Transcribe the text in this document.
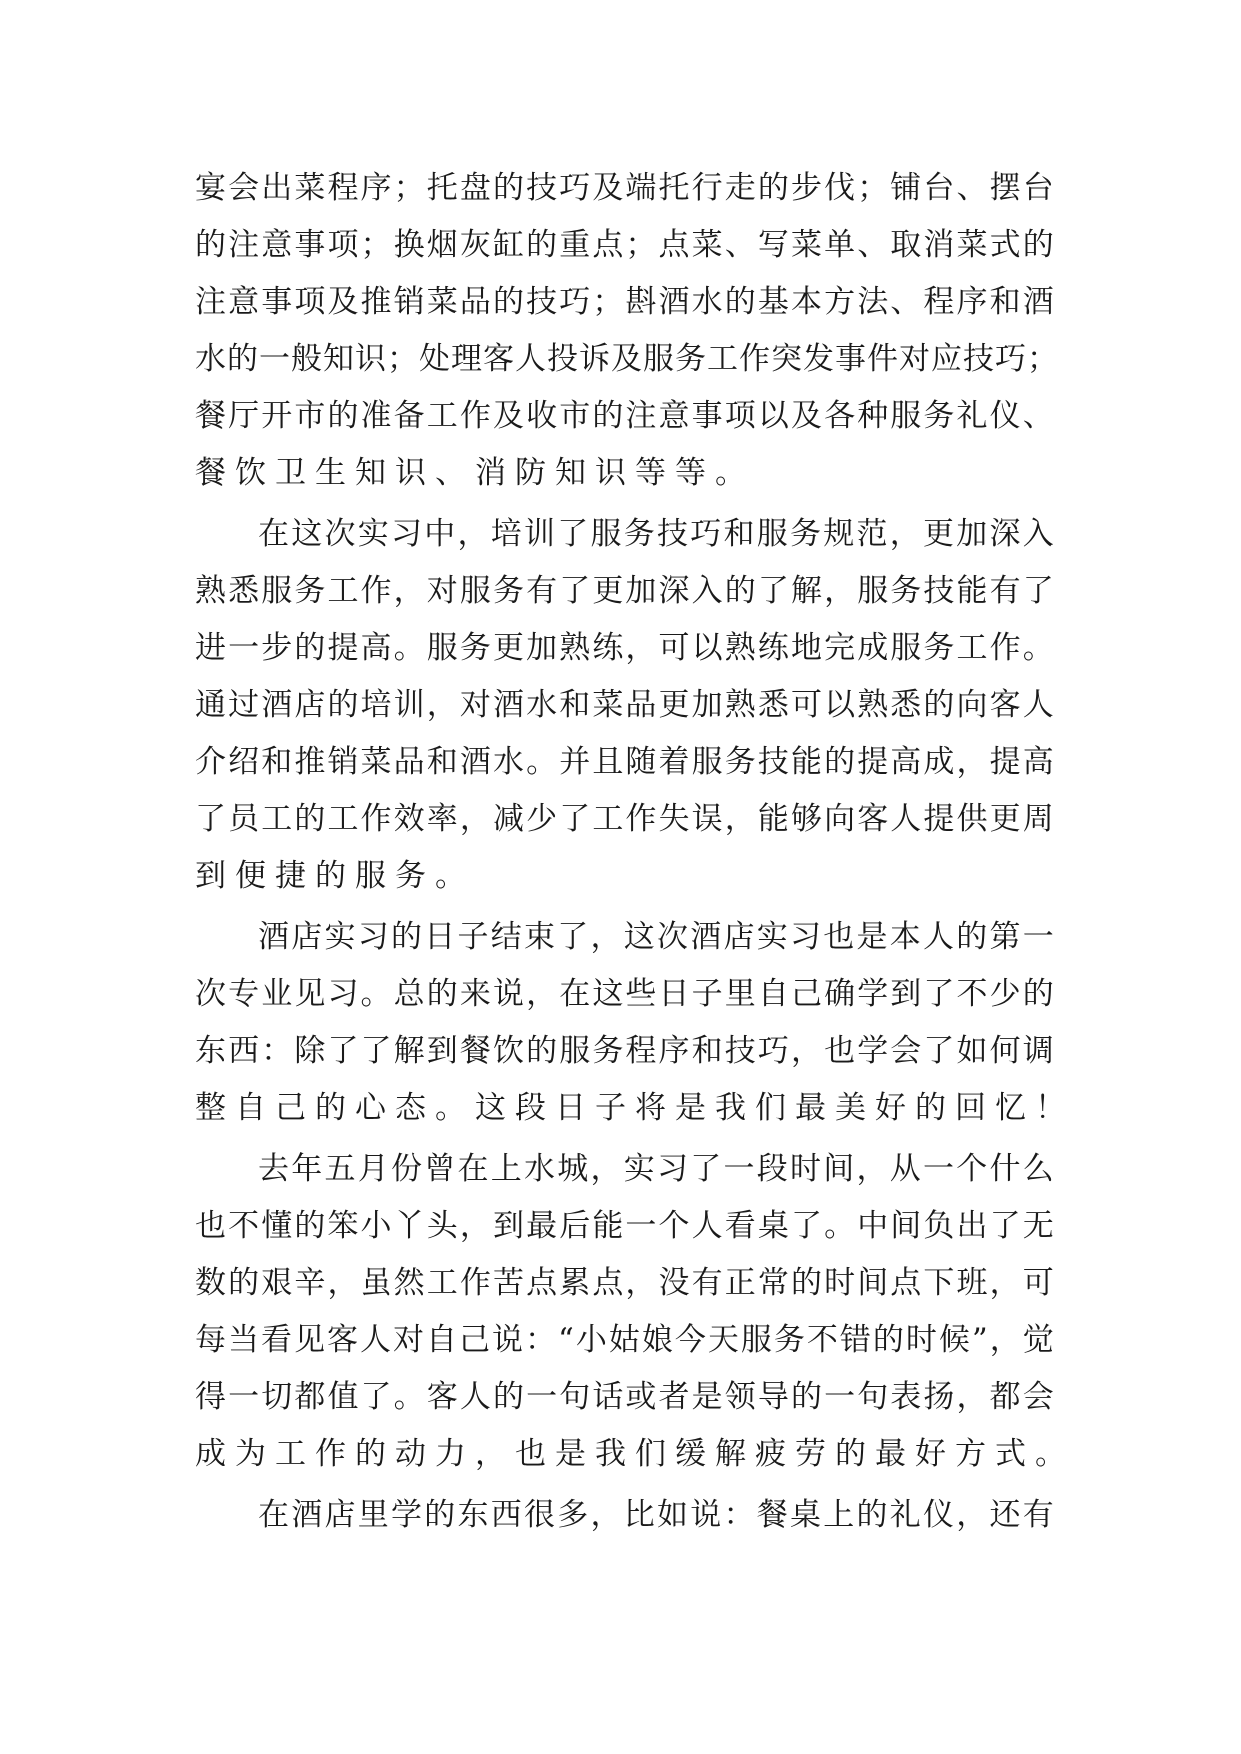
宴 会 出 菜 程 序 ； 托 盘 的 技 巧 及 端 托 行 走 的 步 伐 ； 铺 台 、 摆 台
的 注 意 事 项 ； 换 烟 灰 缸 的 重 点 ； 点 菜 、 写 菜 单 、 取 消 菜 式 的
注 意 事 项 及 推 销 菜 品 的 技 巧 ； 斟 酒 水 的 基 本 方 法 、 程 序 和 酒
水 的 一 般 知 识 ； 处 理 客 人 投 诉 及 服 务 工 作 突 发 事 件 对 应 技 巧 ；
餐 厅 开 市 的 准 备 工 作 及 收 市 的 注 意 事 项 以 及 各 种 服 务 礼 仪 、
餐 饮 卫 生 知 识 、 消 防 知 识 等 等 。
在 这 次 实 习 中 ， 培 训 了 服 务 技 巧 和 服 务 规 范 ， 更 加 深 入
熟 悉 服 务 工 作 ， 对 服 务 有 了 更 加 深 入 的 了 解 ， 服 务 技 能 有 了
进 一 步 的 提 高 。 服 务 更 加 熟 练 ， 可 以 熟 练 地 完 成 服 务 工 作 。
通 过 酒 店 的 培 训 ， 对 酒 水 和 菜 品 更 加 熟 悉 可 以 熟 悉 的 向 客 人
介 绍 和 推 销 菜 品 和 酒 水 。 并 且 随 着 服 务 技 能 的 提 高 成 ， 提 高
了 员 工 的 工 作 效 率 ， 减 少 了 工 作 失 误 ， 能 够 向 客 人 提 供 更 周
到 便 捷 的 服 务 。
酒 店 实 习 的 日 子 结 束 了 ， 这 次 酒 店 实 习 也 是 本 人 的 第 一
次 专 业 见 习 。 总 的 来 说 ， 在 这 些 日 子 里 自 己 确 学 到 了 不 少 的
东 西 ： 除 了 了 解 到 餐 饮 的 服 务 程 序 和 技 巧 ， 也 学 会 了 如 何 调
整 自 己 的 心 态 。 这 段 日 子 将 是 我 们 最 美 好 的 回 忆 ！
去 年 五 月 份 曾 在 上 水 城 ， 实 习 了 一 段 时 间 ， 从 一 个 什 么
也 不 懂 的 笨 小 丫 头 ， 到 最 后 能 一 个 人 看 桌 了 。 中 间 负 出 了 无
数 的 艰 辛 ， 虽 然 工 作 苦 点 累 点 ， 没 有 正 常 的 时 间 点 下 班 ， 可
每 当 看 见 客 人 对 自 己 说 ： “ 小 姑 娘 今 天 服 务 不 错 的 时 候 ” ， 觉
得 一 切 都 值 了 。 客 人 的 一 句 话 或 者 是 领 导 的 一 句 表 扬 ， 都 会
成 为 工 作 的 动 力 ， 也 是 我 们 缓 解 疲 劳 的 最 好 方 式 。
在 酒 店 里 学 的 东 西 很 多 ， 比 如 说 ： 餐 桌 上 的 礼 仪 ， 还 有
